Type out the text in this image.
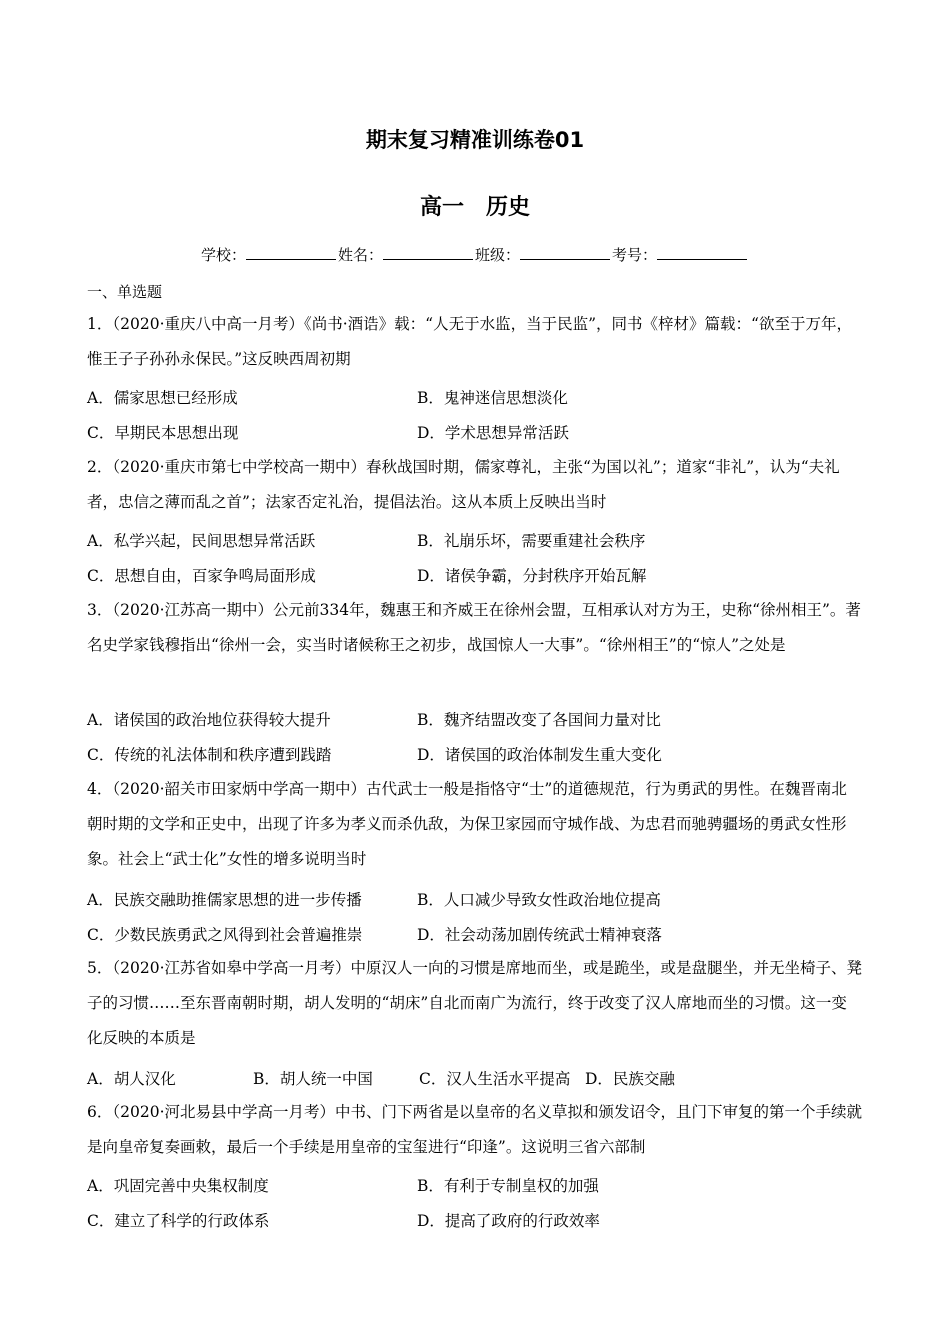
期末复习精准训练卷01
高一　历史
学校：	姓名：	班级：	考号：
一、单选题
1．（2020·重庆八中高一月考）《尚书·酒诰》载：“人无于水监，当于民监”，同书《梓材》篇载：“欲至于万年，惟王子子孙孙永保民。”这反映西周初期
A．儒家思想已经形成	B．鬼神迷信思想淡化
C．早期民本思想出现	D．学术思想异常活跃
2．（2020·重庆市第七中学校高一期中）春秋战国时期，儒家尊礼，主张“为国以礼”；道家“非礼”，认为“夫礼者，忠信之薄而乱之首”；法家否定礼治，提倡法治。这从本质上反映出当时
A．私学兴起，民间思想异常活跃	B．礼崩乐坏，需要重建社会秩序
C．思想自由，百家争鸣局面形成	D．诸侯争霸，分封秩序开始瓦解
3．（2020·江苏高一期中）公元前334年，魏惠王和齐威王在徐州会盟，互相承认对方为王，史称“徐州相王”。著名史学家钱穆指出“徐州一会，实当时诸候称王之初步，战国惊人一大事”。“徐州相王”的“惊人”之处是
A．诸侯国的政治地位获得较大提升	B．魏齐结盟改变了各国间力量对比
C．传统的礼法体制和秩序遭到践踏	D．诸侯国的政治体制发生重大变化
4．（2020·韶关市田家炳中学高一期中）古代武士一般是指恪守“士”的道德规范，行为勇武的男性。在魏晋南北朝时期的文学和正史中，出现了许多为孝义而杀仇敌，为保卫家园而守城作战、为忠君而驰骋疆场的勇武女性形象。社会上“武士化”女性的增多说明当时
A．民族交融助推儒家思想的进一步传播	B．人口减少导致女性政治地位提高
C．少数民族勇武之风得到社会普遍推崇	D．社会动荡加剧传统武士精神衰落
5．（2020·江苏省如皋中学高一月考）中原汉人一向的习惯是席地而坐，或是跪坐，或是盘腿坐，并无坐椅子、凳子的习惯……至东晋南朝时期，胡人发明的“胡床”自北而南广为流行，终于改变了汉人席地而坐的习惯。这一变化反映的本质是
A．胡人汉化	B．胡人统一中国	C．汉人生活水平提高 D．民族交融
6．（2020·河北易县中学高一月考）中书、门下两省是以皇帝的名义草拟和颁发诏令，且门下审复的第一个手续就是向皇帝复奏画敕，最后一个手续是用皇帝的宝玺进行“印逢”。这说明三省六部制
A．巩固完善中央集权制度	B．有利于专制皇权的加强
C．建立了科学的行政体系	D．提高了政府的行政效率
